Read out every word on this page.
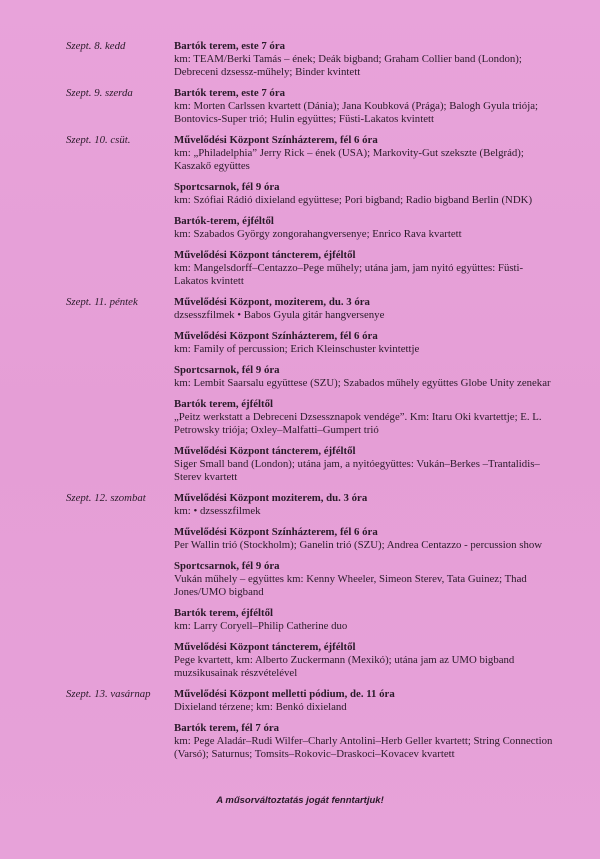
Szept. 8. kedd	Bartók terem, este 7 óra
km: TEAM/Berki Tamás – ének; Deák bigband; Graham Collier band (London); Debreceni dzsessz-műhely; Binder kvintett
Szept. 9. szerda	Bartók terem, este 7 óra
km: Morten Carlssen kvartett (Dánia); Jana Koubková (Prága); Balogh Gyula triója; Bontovics-Super trió; Hulin együttes; Füsti-Lakatos kvintett
Szept. 10. csüt.	Művelődési Központ Színházterem, fél 6 óra
km: „Philadelphia” Jerry Rick – ének (USA); Markovity-Gut szekszte (Belgrád); Kaszakő együttes
Sportcsarnok, fél 9 óra
km: Szófiai Rádió dixieland együttese; Pori bigband; Radio bigband Berlin (NDK)
Bartók-terem, éjféltől
km: Szabados György zongorahangversenye; Enrico Rava kvartett
Művelődési Központ táncterem, éjféltől
km: Mangelsdorff–Centazzo–Pege műhely; utána jam, jam nyitó együttes: Füsti-Lakatos kvintett
Szept. 11. péntek	Művelődési Központ, moziterem, du. 3 óra
dzsesszfilmek • Babos Gyula gitár hangversenye
Művelődési Központ Színházterem, fél 6 óra
km: Family of percussion; Erich Kleinschuster kvintettje
Sportcsarnok, fél 9 óra
km: Lembit Saarsalu együttese (SZU); Szabados műhely együttes Globe Unity zenekar
Bartók terem, éjféltől
„Peitz werkstatt a Debreceni Dzsessznapok vendége”. Km: Itaru Oki kvartettje; E. L. Petrowsky triója; Oxley–Malfatti–Gumpert trió
Művelődési Központ táncterem, éjféltől
Siger Small band (London); utána jam, a nyitóegyüttes: Vukán–Berkes –Trantalidis–Sterev kvartett
Szept. 12. szombat	Művelődési Központ moziterem, du. 3 óra
km: • dzsesszfilmek
Művelődési Központ Színházterem, fél 6 óra
Per Wallin trió (Stockholm); Ganelin trió (SZU); Andrea Centazzo - percussion show
Sportcsarnok, fél 9 óra
Vukán műhely – együttes km: Kenny Wheeler, Simeon Sterev, Tata Guinez; Thad Jones/UMO bigband
Bartók terem, éjféltől
km: Larry Coryell–Philip Catherine duo
Művelődési Központ táncterem, éjféltől
Pege kvartett, km: Alberto Zuckermann (Mexikó); utána jam az UMO bigband muzsikusainak részvételével
Szept. 13. vasárnap	Művelődési Központ melletti pódium, de. 11 óra
Dixieland térzene; km: Benkó dixieland
Bartók terem, fél 7 óra
km: Pege Aladár–Rudi Wilfer–Charly Antolini–Herb Geller kvartett; String Connection (Varsó); Saturnus; Tomsits–Rokovic–Draskoci–Kovacev kvartett
A műsorváltoztatás jogát fenntartjuk!
